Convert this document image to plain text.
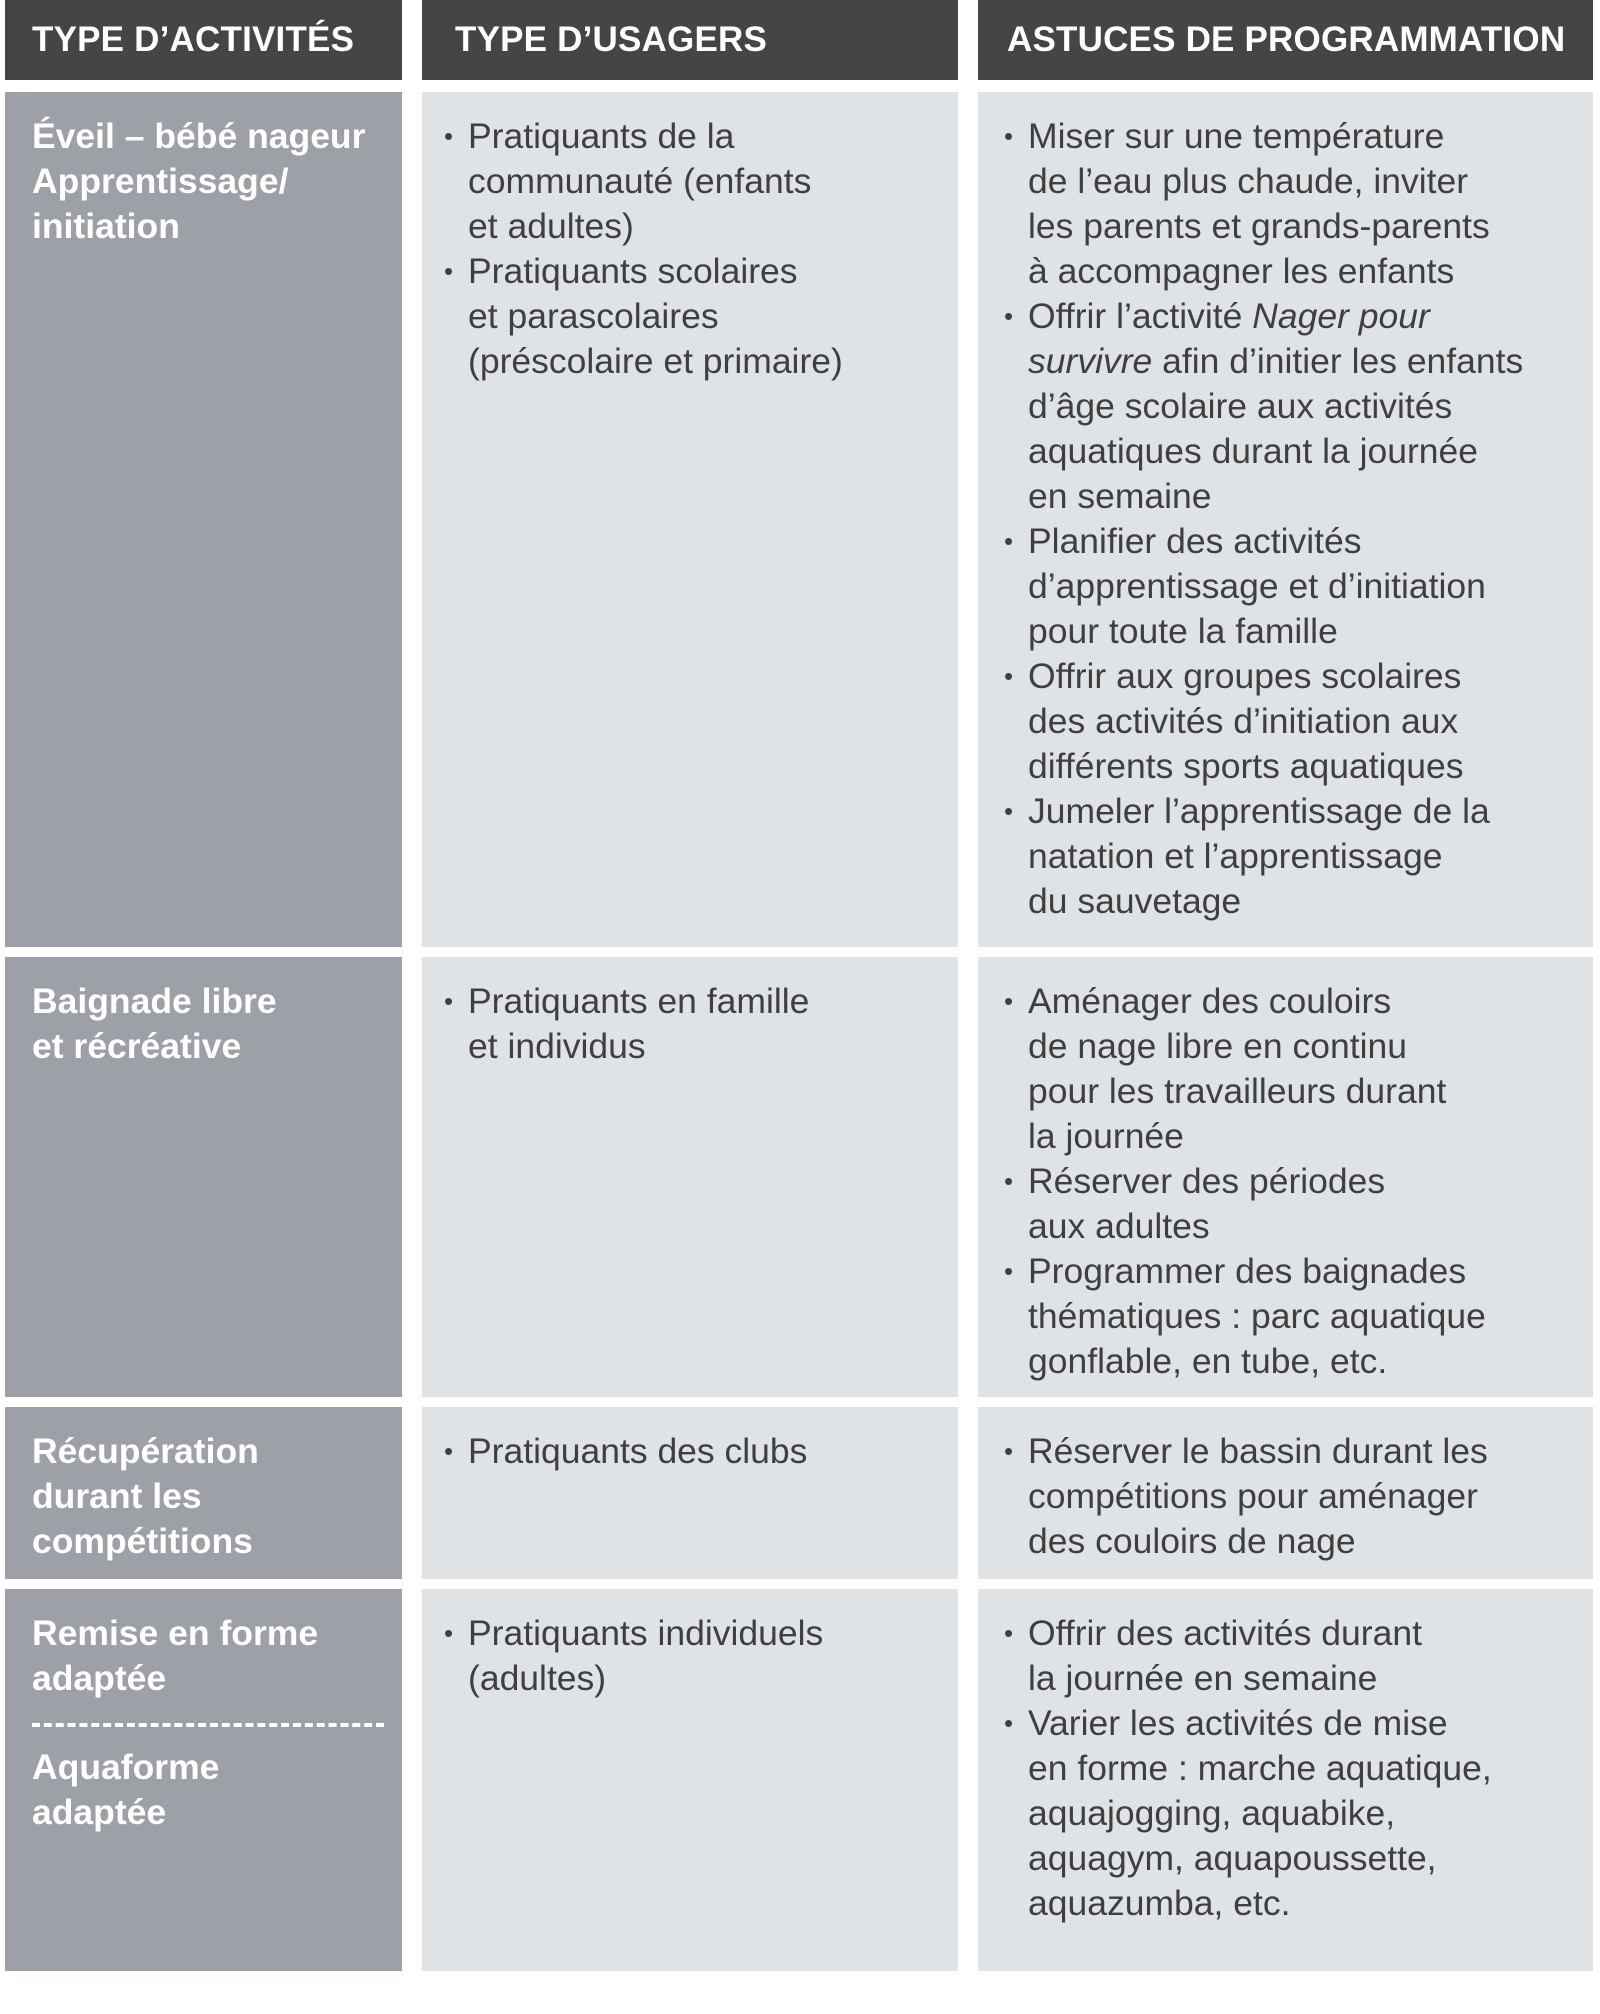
TYPE D’ACTIVITÉS	TYPE D’USAGERS	ASTUCES DE PROGRAMMATION
Éveil – bébé nageur
Apprentissage/
initiation
• Pratiquants de la
communauté (enfants
et adultes)
• Pratiquants scolaires
et parascolaires
(préscolaire et primaire)
• Miser sur une température
de l’eau plus chaude, inviter
les parents et grands-parents
à accompagner les enfants
• Offrir l’activité Nager pour
survivre afin d’initier les enfants
d’âge scolaire aux activités
aquatiques durant la journée
en semaine
• Planifier des activités
d’apprentissage et d’initiation
pour toute la famille
• Offrir aux groupes scolaires
des activités d’initiation aux
différents sports aquatiques
• Jumeler l’apprentissage de la
natation et l’apprentissage
du sauvetage
Baignade libre
et récréative
• Pratiquants en famille
et individus
• Aménager des couloirs
de nage libre en continu
pour les travailleurs durant
la journée
• Réserver des périodes
aux adultes
• Programmer des baignades
thématiques : parc aquatique
gonflable, en tube, etc.
Récupération
durant les
compétitions
• Pratiquants des clubs
•	Réserver le bassin durant les
compétitions pour aménager
des couloirs de nage
Remise en forme
adaptée
Aquaforme
adaptée
• Pratiquants individuels
(adultes)
• Offrir des activités durant
la journée en semaine
• Varier les activités de mise
en forme : marche aquatique,
aquajogging, aquabike,
aquagym, aquapoussette,
aquazumba, etc.
